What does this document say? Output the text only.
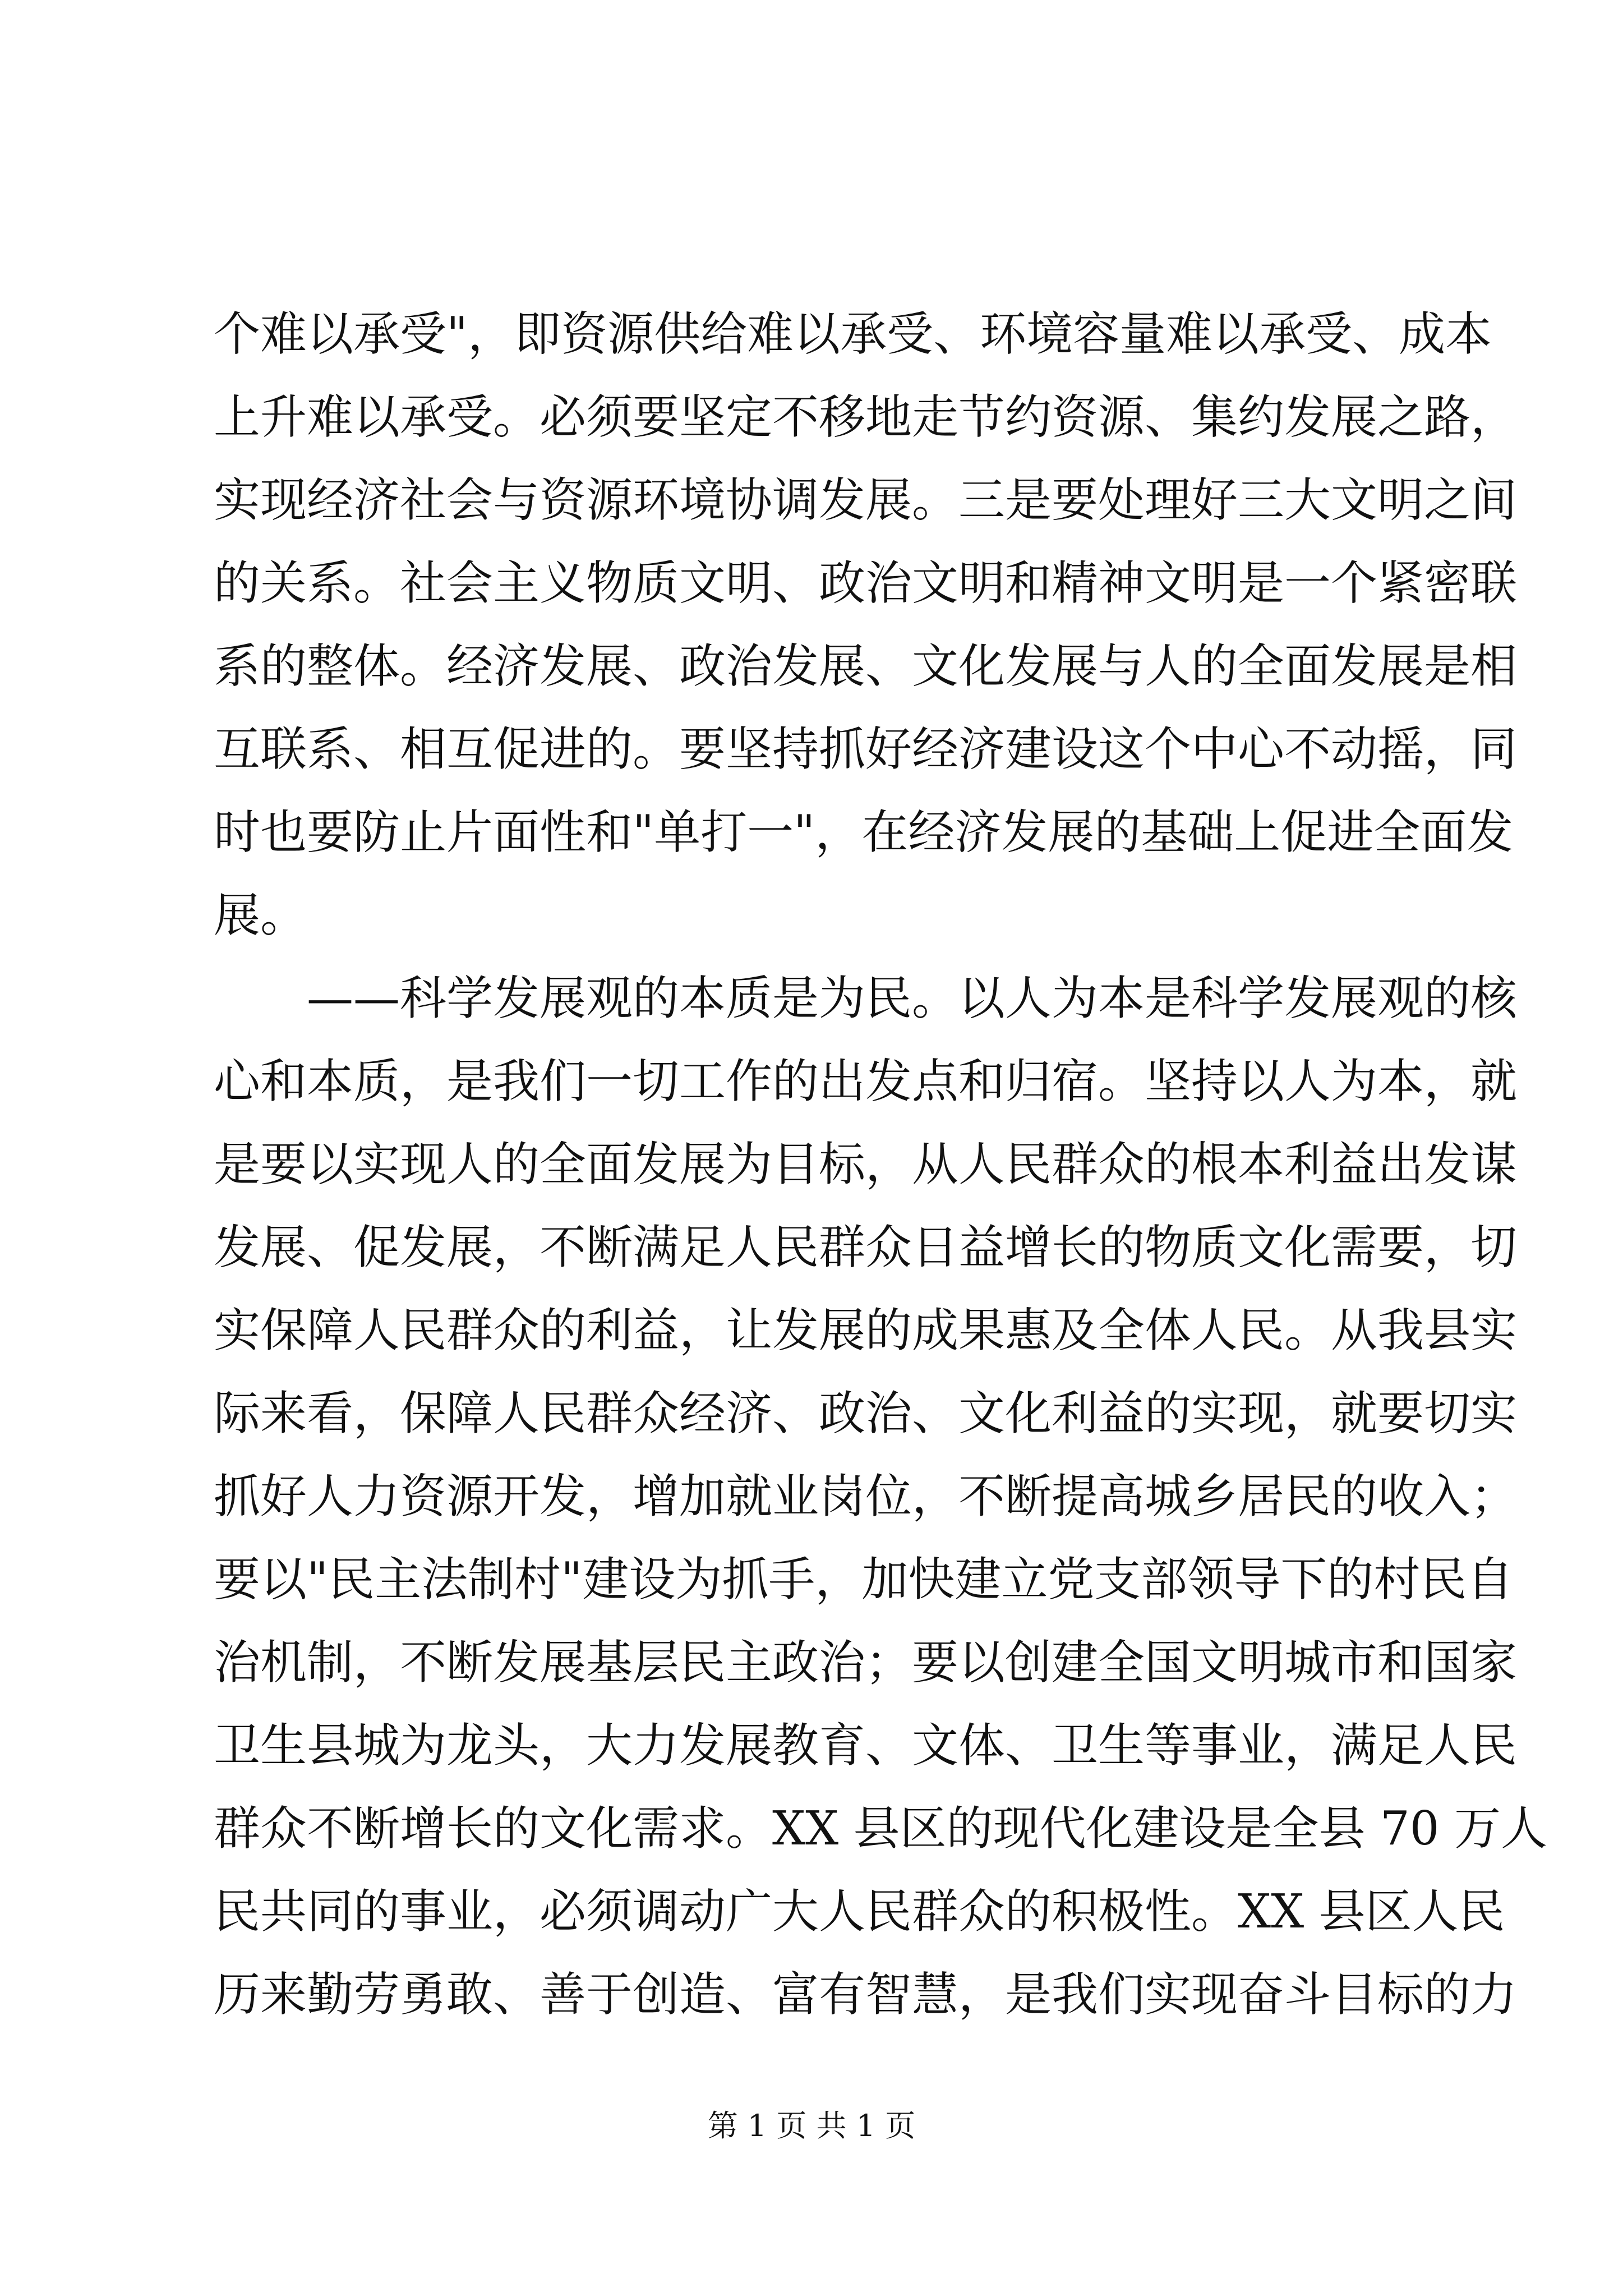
个难以承受"，即资源供给难以承受、环境容量难以承受、成本
上升难以承受。必须要坚定不移地走节约资源、集约发展之路，
实现经济社会与资源环境协调发展。三是要处理好三大文明之间
的关系。社会主义物质文明、政治文明和精神文明是一个紧密联
系的整体。经济发展、政治发展、文化发展与人的全面发展是相
互联系、相互促进的。要坚持抓好经济建设这个中心不动摇，同
时也要防止片面性和"单打一"，在经济发展的基础上促进全面发
展。
——科学发展观的本质是为民。以人为本是科学发展观的核
心和本质，是我们一切工作的出发点和归宿。坚持以人为本，就
是要以实现人的全面发展为目标，从人民群众的根本利益出发谋
发展、促发展，不断满足人民群众日益增长的物质文化需要，切
实保障人民群众的利益，让发展的成果惠及全体人民。从我县实
际来看，保障人民群众经济、政治、文化利益的实现，就要切实
抓好人力资源开发，增加就业岗位，不断提高城乡居民的收入；
要以"民主法制村"建设为抓手，加快建立党支部领导下的村民自
治机制，不断发展基层民主政治；要以创建全国文明城市和国家
卫生县城为龙头，大力发展教育、文体、卫生等事业，满足人民
群众不断增长的文化需求。XX 县区的现代化建设是全县 70 万人
民共同的事业，必须调动广大人民群众的积极性。XX 县区人民
历来勤劳勇敢、善于创造、富有智慧，是我们实现奋斗目标的力
第 1 页 共 1 页
